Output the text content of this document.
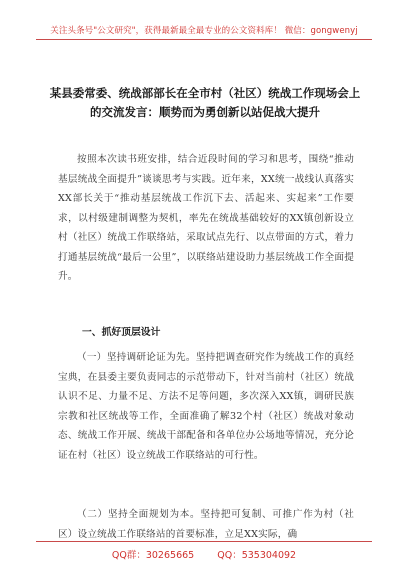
关注头条号"公文研究"，获得最新最全最专业的公文资料库！ 微信：gongwenyj
某县委常委、统战部部长在全市村（社区）统战工作现场会上的交流发言：顺势而为勇创新以站促战大提升

按照本次读书班安排，结合近段时间的学习和思考，围绕“推动基层统战全面提升”谈谈思考与实践。近年来，XX统一战线认真落实XX部长关于“推动基层统战工作沉下去、活起来、实起来”工作要求，以村级建制调整为契机，率先在统战基础较好的XX镇创新设立村（社区）统战工作联络站，采取试点先行、以点带面的方式，着力打通基层统战“最后一公里”，以联络站建设助力基层统战工作全面提升。

一、抓好顶层设计

（一）坚持调研论证为先。坚持把调查研究作为统战工作的真经宝典，在县委主要负责同志的示范带动下，针对当前村（社区）统战认识不足、力量不足、方法不足等问题，多次深入XX镇，调研民族宗教和社区统战等工作，全面准确了解32个村（社区）统战对象动态、统战工作开展、统战干部配备和各单位办公场地等情况，充分论证在村（社区）设立统战工作联络站的可行性。

（二）坚持全面规划为本。坚持把可复制、可推广作为村（社区）设立统战工作联络站的首要标准，立足XX实际，确

QQ群：30265665 QQ：535304092
